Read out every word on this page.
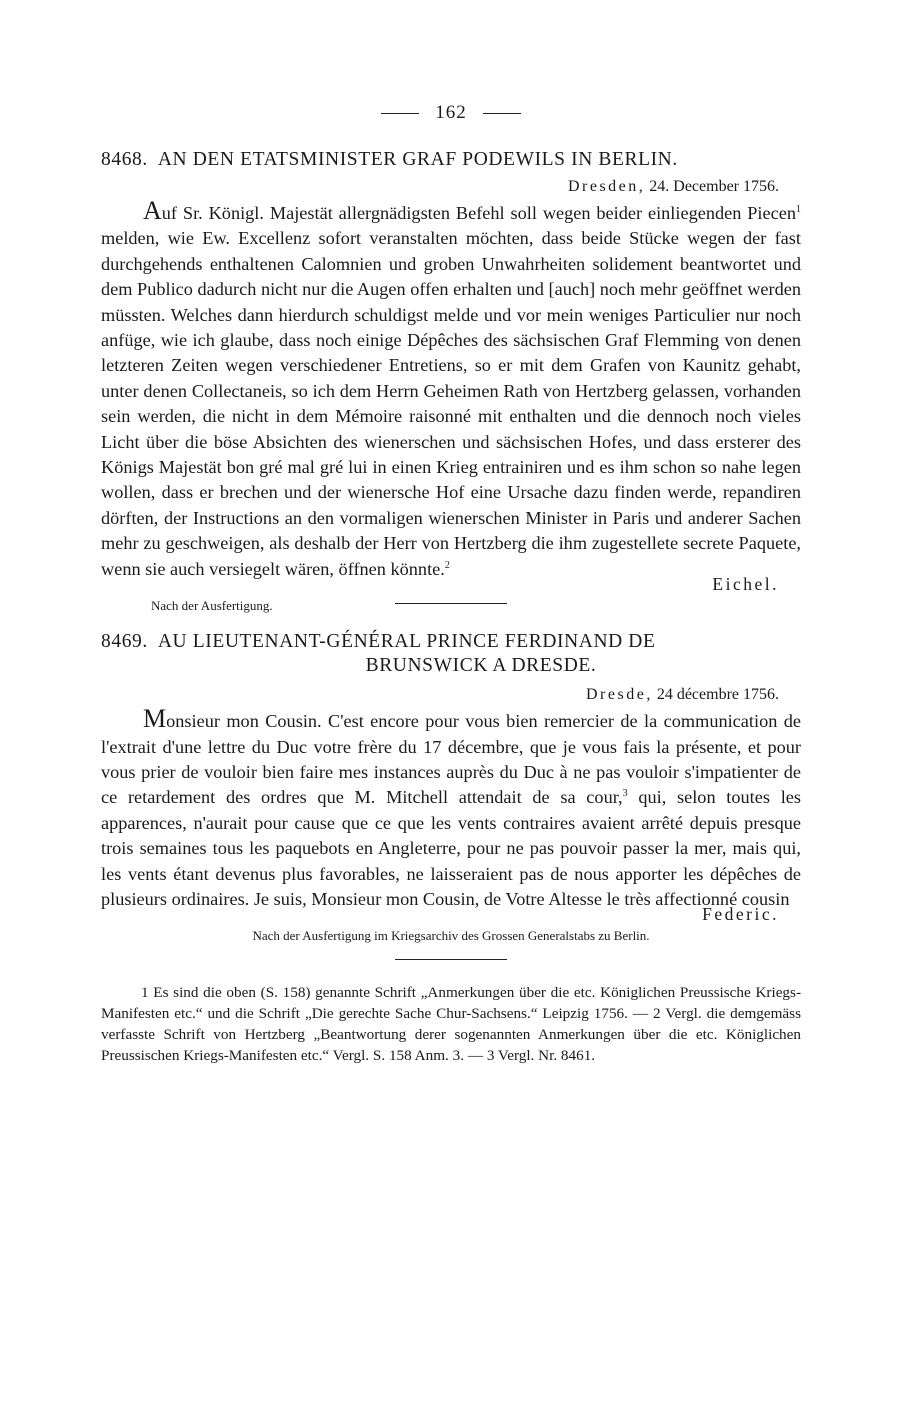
162
8468. AN DEN ETATSMINISTER GRAF PODEWILS IN BERLIN.
Dresden, 24. December 1756.

Auf Sr. Königl. Majestät allergnädigsten Befehl soll wegen beider einliegenden Piecen$^1$ melden, wie Ew. Excellenz sofort veranstalten möchten, dass beide Stücke wegen der fast durchgehends enthaltenen Calomnien und groben Unwahrheiten solidement beantwortet und dem Publico dadurch nicht nur die Augen offen erhalten und [auch] noch mehr geöffnet werden müssten. Welches dann hierdurch schuldigst melde und vor mein weniges Particulier nur noch anfüge, wie ich glaube, dass noch einige Dépêches des sächsischen Graf Flemming von denen letzteren Zeiten wegen verschiedener Entretiens, so er mit dem Grafen von Kaunitz gehabt, unter denen Collectaneis, so ich dem Herrn Geheimen Rath von Hertzberg gelassen, vorhanden sein werden, die nicht in dem Mémoire raisonné mit enthalten und die dennoch noch vieles Licht über die böse Absichten des wienerschen und sächsischen Hofes, und dass ersterer des Königs Majestät bon gré mal gré lui in einen Krieg entrainiren und es ihm schon so nahe legen wollen, dass er brechen und der wienersche Hof eine Ursache dazu finden werde, repandiren dörften, der Instructions an den vormaligen wienerschen Minister in Paris und anderer Sachen mehr zu geschweigen, als deshalb der Herr von Hertzberg die ihm zugestellete secrete Paquete, wenn sie auch versiegelt wären, öffnen könnte.$^2$

Eichel.
Nach der Ausfertigung.
8469. AU LIEUTENANT-GÉNÉRAL PRINCE FERDINAND DE
BRUNSWICK A DRESDE.
Dresde, 24 décembre 1756.

Monsieur mon Cousin. C'est encore pour vous bien remercier de la communication de l'extrait d'une lettre du Duc votre frère du 17 décembre, que je vous fais la présente, et pour vous prier de vouloir bien faire mes instances auprès du Duc à ne pas vouloir s'impatienter de ce retardement des ordres que M. Mitchell attendait de sa cour,$^3$ qui, selon toutes les apparences, n'aurait pour cause que ce que les vents contraires avaient arrêté depuis presque trois semaines tous les paquebots en Angleterre, pour ne pas pouvoir passer la mer, mais qui, les vents étant devenus plus favorables, ne laisseraient pas de nous apporter les dépêches de plusieurs ordinaires. Je suis, Monsieur mon Cousin, de Votre Altesse le très affectionné cousin

Federic.
Nach der Ausfertigung im Kriegsarchiv des Grossen Generalstabs zu Berlin.

1 Es sind die oben (S. 158) genannte Schrift „Anmerkungen über die etc. Königlichen Preussische Kriegs-Manifesten etc.“ und die Schrift „Die gerechte Sache Chur-Sachsens.“ Leipzig 1756. — 2 Vergl. die demgemäss verfasste Schrift von Hertzberg „Beantwortung derer sogenannten Anmerkungen über die etc. Königlichen Preussischen Kriegs-Manifesten etc.“ Vergl. S. 158 Anm. 3. — 3 Vergl. Nr. 8461.
